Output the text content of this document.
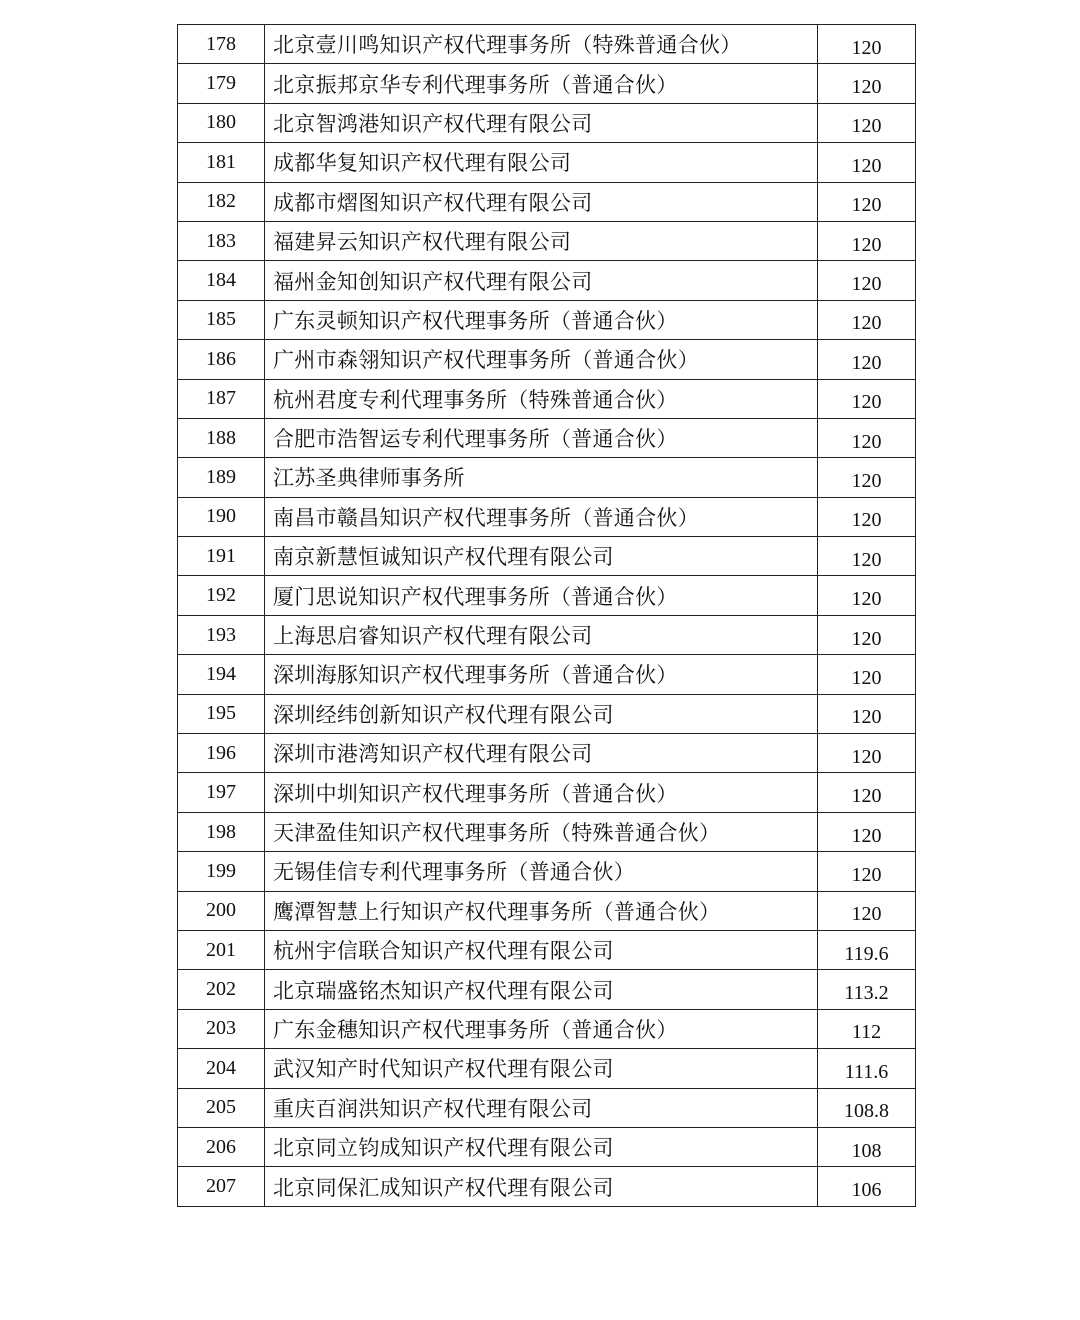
178	北京壹川鸣知识产权代理事务所（特殊普通合伙）	120
179	北京振邦京华专利代理事务所（普通合伙）	120
180	北京智鸿港知识产权代理有限公司	120
181	成都华复知识产权代理有限公司	120
182	成都市熠图知识产权代理有限公司	120
183	福建昇云知识产权代理有限公司	120
184	福州金知创知识产权代理有限公司	120
185	广东灵顿知识产权代理事务所（普通合伙）	120
186	广州市森翎知识产权代理事务所（普通合伙）	120
187	杭州君度专利代理事务所（特殊普通合伙）	120
188	合肥市浩智运专利代理事务所（普通合伙）	120
189	江苏圣典律师事务所	120
190	南昌市赣昌知识产权代理事务所（普通合伙）	120
191	南京新慧恒诚知识产权代理有限公司	120
192	厦门思说知识产权代理事务所（普通合伙）	120
193	上海思启睿知识产权代理有限公司	120
194	深圳海豚知识产权代理事务所（普通合伙）	120
195	深圳经纬创新知识产权代理有限公司	120
196	深圳市港湾知识产权代理有限公司	120
197	深圳中圳知识产权代理事务所（普通合伙）	120
198	天津盈佳知识产权代理事务所（特殊普通合伙）	120
199	无锡佳信专利代理事务所（普通合伙）	120
200	鹰潭智慧上行知识产权代理事务所（普通合伙）	120
201	杭州宇信联合知识产权代理有限公司	119.6
202	北京瑞盛铭杰知识产权代理有限公司	113.2
203	广东金穗知识产权代理事务所（普通合伙）	112
204	武汉知产时代知识产权代理有限公司	111.6
205	重庆百润洪知识产权代理有限公司	108.8
206	北京同立钧成知识产权代理有限公司	108
207	北京同保汇成知识产权代理有限公司	106
